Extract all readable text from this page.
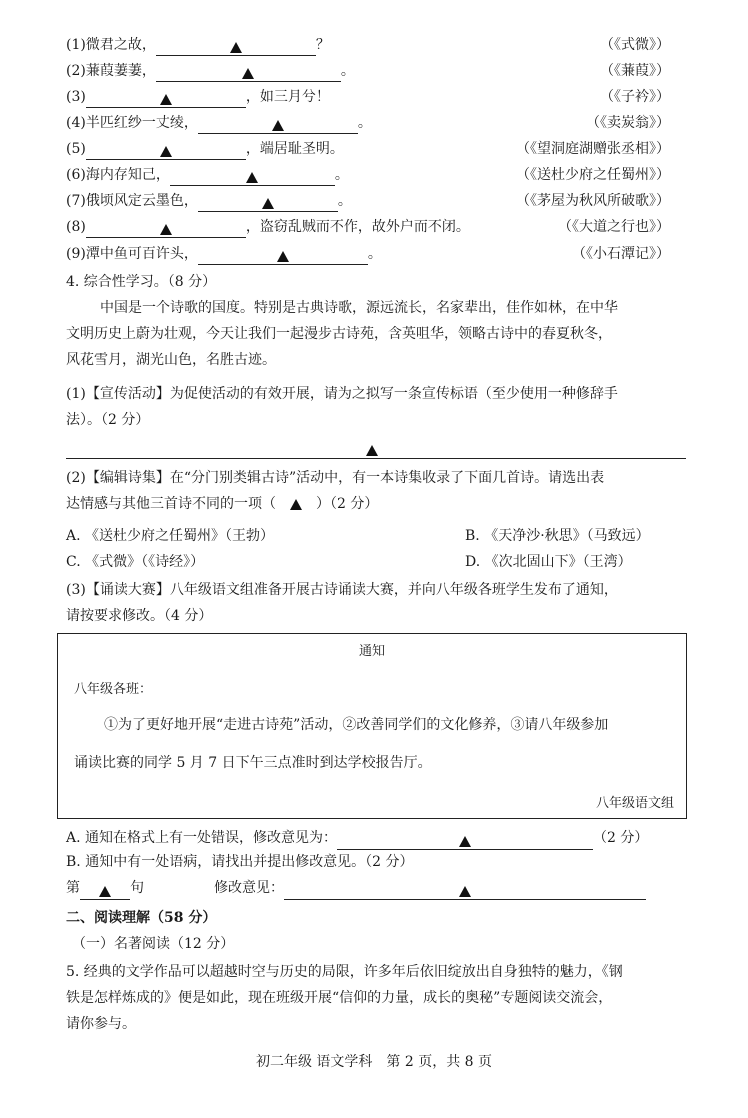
(1)微君之故，	？	（《式微》）
(2)蒹葭萋萋，	。	（《蒹葭》）
(3)	，如三月兮！	（《子衿》）
(4)半匹红纱一丈绫，	。	（《卖炭翁》）
(5)	，端居耻圣明。	（《望洞庭湖赠张丞相》）
(6)海内存知己，	。	（《送杜少府之任蜀州》）
(7)俄顷风定云墨色，	。	（《茅屋为秋风所破歌》）
(8)	，盗窃乱贼而不作，故外户而不闭。	（《大道之行也》）
(9)潭中鱼可百许头，	。	（《小石潭记》）
4. 综合性学习。（8 分）
中国是一个诗歌的国度。特别是古典诗歌，源远流长，名家辈出，佳作如林，在中华
文明历史上蔚为壮观，今天让我们一起漫步古诗苑，含英咀华，领略古诗中的春夏秋冬，
风花雪月，湖光山色，名胜古迹。
(1)【宣传活动】为促使活动的有效开展，请为之拟写一条宣传标语（至少使用一种修辞手
法）。（2 分）
(2)【编辑诗集】在“分门别类辑古诗”活动中，有一本诗集收录了下面几首诗。请选出表
达情感与其他三首诗不同的一项（	）（2 分）
A. 《送杜少府之任蜀州》（王勃）	B. 《天净沙·秋思》（马致远）
C. 《式微》（《诗经》）	D. 《次北固山下》（王湾）
(3)【诵读大赛】八年级语文组准备开展古诗诵读大赛，并向八年级各班学生发布了通知，
请按要求修改。（4 分）
通知
八年级各班：
①为了更好地开展“走进古诗苑”活动，②改善同学们的文化修养，③请八年级参加
诵读比赛的同学 5 月 7 日下午三点准时到达学校报告厅。
八年级语文组
A. 通知在格式上有一处错误，修改意见为：	（2 分）
B. 通知中有一处语病，请找出并提出修改意见。（2 分）
第	句	修改意见：
二、阅读理解（58 分）
（一）名著阅读（12 分）
5. 经典的文学作品可以超越时空与历史的局限，许多年后依旧绽放出自身独特的魅力，《钢
铁是怎样炼成的》便是如此，现在班级开展“信仰的力量，成长的奥秘”专题阅读交流会，
请你参与。
初二年级 语文学科　第 2 页，共 8 页
